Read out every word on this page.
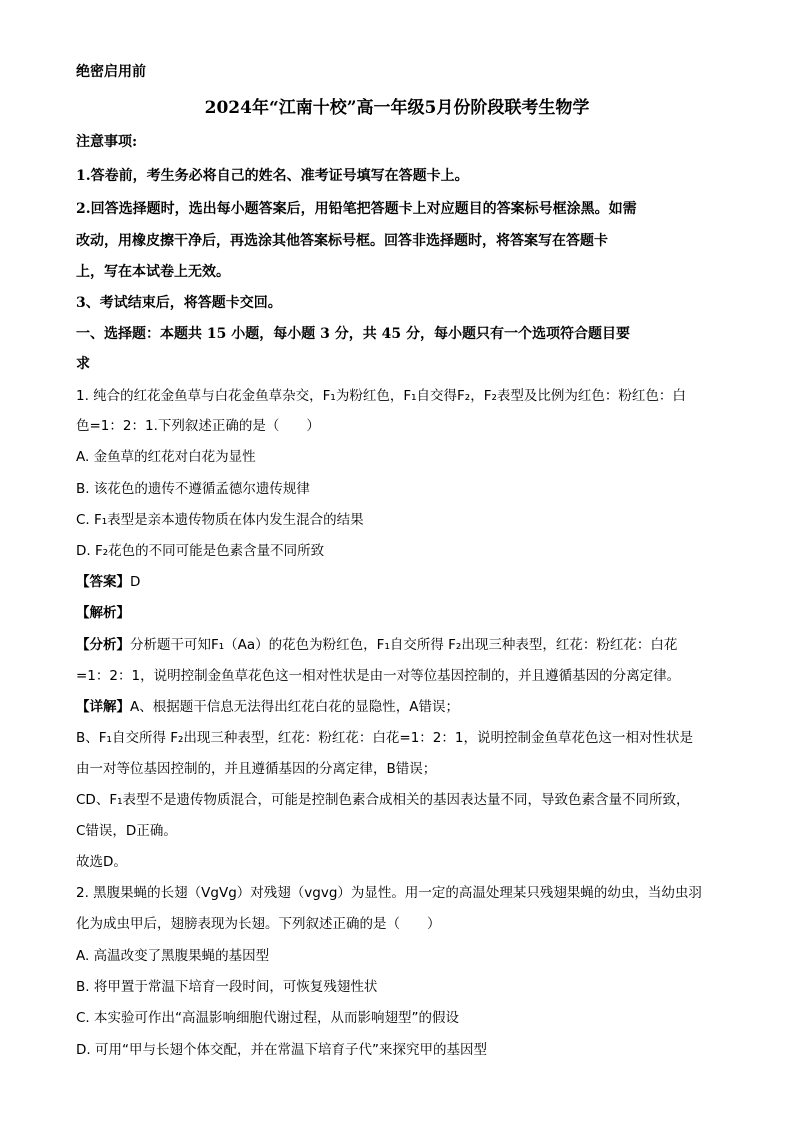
绝密启用前
2024年“江南十校”高一年级5月份阶段联考生物学
注意事项:
1.答卷前，考生务必将自己的姓名、准考证号填写在答题卡上。
2.回答选择题时，选出每小题答案后，用铅笔把答题卡上对应题目的答案标号框涂黑。如需
改动，用橡皮擦干净后，再选涂其他答案标号框。回答非选择题时，将答案写在答题卡
上，写在本试卷上无效。
3、考试结束后，将答题卡交回。
一、选择题：本题共 15 小题，每小题 3 分，共 45 分，每小题只有一个选项符合题目要
求
1. 纯合的红花金鱼草与白花金鱼草杂交，F₁为粉红色，F₁自交得F₂，F₂表型及比例为红色：粉红色：白
色=1：2：1.下列叙述正确的是（　　）
A. 金鱼草的红花对白花为显性
B. 该花色的遗传不遵循孟德尔遗传规律
C. F₁表型是亲本遗传物质在体内发生混合的结果
D. F₂花色的不同可能是色素含量不同所致
【答案】D
【解析】
【分析】分析题干可知F₁（Aa）的花色为粉红色，F₁自交所得 F₂出现三种表型，红花：粉红花：白花
=1：2：1，说明控制金鱼草花色这一相对性状是由一对等位基因控制的，并且遵循基因的分离定律。
【详解】A、根据题干信息无法得出红花白花的显隐性，A错误；
B、F₁自交所得 F₂出现三种表型，红花：粉红花：白花=1：2：1，说明控制金鱼草花色这一相对性状是
由一对等位基因控制的，并且遵循基因的分离定律，B错误；
CD、F₁表型不是遗传物质混合，可能是控制色素合成相关的基因表达量不同，导致色素含量不同所致，
C错误，D正确。
故选D。
2. 黑腹果蝇的长翅（VgVg）对残翅（vgvg）为显性。用一定的高温处理某只残翅果蝇的幼虫，当幼虫羽
化为成虫甲后，翅膀表现为长翅。下列叙述正确的是（　　）
A. 高温改变了黑腹果蝇的基因型
B. 将甲置于常温下培育一段时间，可恢复残翅性状
C. 本实验可作出“高温影响细胞代谢过程，从而影响翅型”的假设
D. 可用“甲与长翅个体交配，并在常温下培育子代”来探究甲的基因型
